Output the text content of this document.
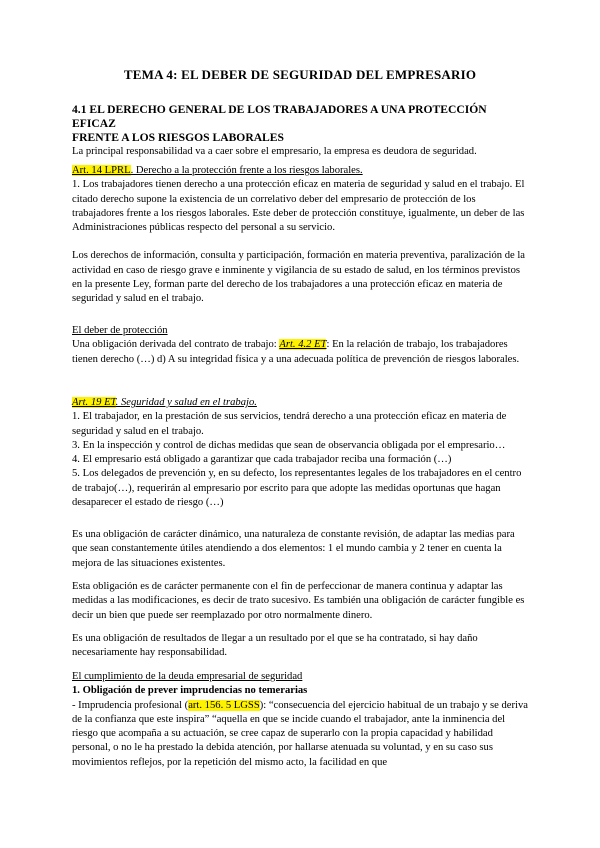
TEMA 4: EL DEBER DE SEGURIDAD DEL EMPRESARIO
4.1 EL DERECHO GENERAL DE LOS TRABAJADORES A UNA PROTECCIÓN EFICAZ
FRENTE A LOS RIESGOS LABORALES

La principal responsabilidad va a caer sobre el empresario, la empresa es deudora de seguridad.

Art. 14 LPRL. Derecho a la protección frente a los riesgos laborales.

1. Los trabajadores tienen derecho a una protección eficaz en materia de seguridad y salud en el trabajo. El citado derecho supone la existencia de un correlativo deber del empresario de protección de los trabajadores frente a los riesgos laborales. Este deber de protección constituye, igualmente, un deber de las Administraciones públicas respecto del personal a su servicio.

Los derechos de información, consulta y participación, formación en materia preventiva, paralización de la actividad en caso de riesgo grave e inminente y vigilancia de su estado de salud, en los términos previstos en la presente Ley, forman parte del derecho de los trabajadores a una protección eficaz en materia de seguridad y salud en el trabajo.

El deber de protección

Una obligación derivada del contrato de trabajo: Art. 4.2 ET: En la relación de trabajo, los trabajadores tienen derecho (…) d) A su integridad física y a una adecuada política de prevención de riesgos laborales.

Art. 19 ET. Seguridad y salud en el trabajo.

1. El trabajador, en la prestación de sus servicios, tendrá derecho a una protección eficaz en materia de seguridad y salud en el trabajo.

3. En la inspección y control de dichas medidas que sean de observancia obligada por el empresario…

4. El empresario está obligado a garantizar que cada trabajador reciba una formación (…)

5. Los delegados de prevención y, en su defecto, los representantes legales de los trabajadores en el centro de trabajo(…), requerirán al empresario por escrito para que adopte las medidas oportunas que hagan desaparecer el estado de riesgo (…)

Es una obligación de carácter dinámico, una naturaleza de constante revisión, de adaptar las medias para que sean constantemente útiles atendiendo a dos elementos: 1 el mundo cambia y 2 tener en cuenta la mejora de las situaciones existentes.

Esta obligación es de carácter permanente con el fin de perfeccionar de manera continua y adaptar las medidas a las modificaciones, es decir de trato sucesivo. Es también una obligación de carácter fungible es decir un bien que puede ser reemplazado por otro normalmente dinero.

Es una obligación de resultados de llegar a un resultado por el que se ha contratado, si hay daño necesariamente hay responsabilidad.

El cumplimiento de la deuda empresarial de seguridad

1. Obligación de prever imprudencias no temerarias

- Imprudencia profesional (art. 156. 5 LGSS): “consecuencia del ejercicio habitual de un trabajo y se deriva de la confianza que este inspira” “aquella en que se incide cuando el trabajador, ante la inminencia del riesgo que acompaña a su actuación, se cree capaz de superarlo con la propia capacidad y habilidad personal, o no le ha prestado la debida atención, por hallarse atenuada su voluntad, y en su caso sus movimientos reflejos, por la repetición del mismo acto, la facilidad en que
